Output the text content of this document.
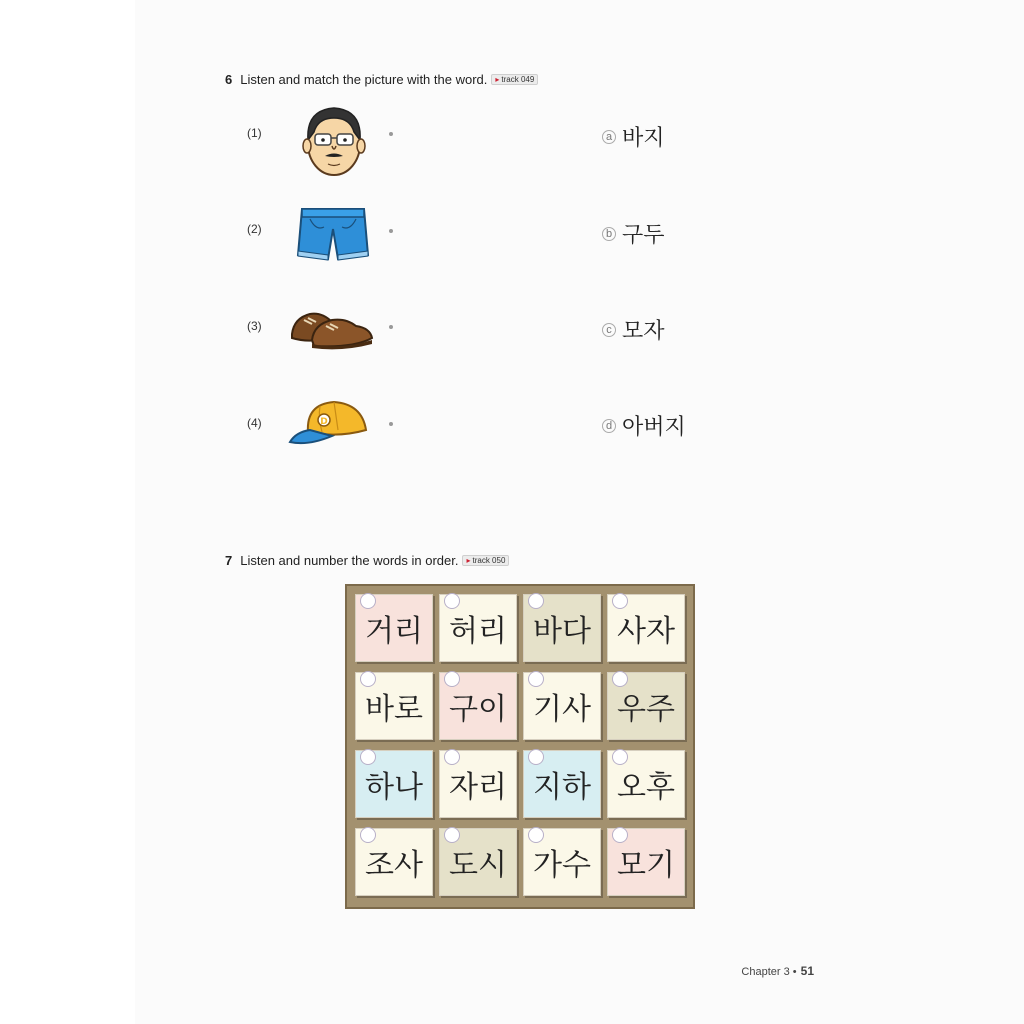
6 Listen and match the picture with the word. ▸ track 049
(1)
(2)
(3)
(4)	D
a 바지
b 구두
c 모자
d 아버지
7 Listen and number the words in order. ▸ track 050
거리 허리 바다 사자
바로 구이 기사 우주
하나 자리 지하 오후
조사 도시 가수 모기
Chapter 3 • 51
